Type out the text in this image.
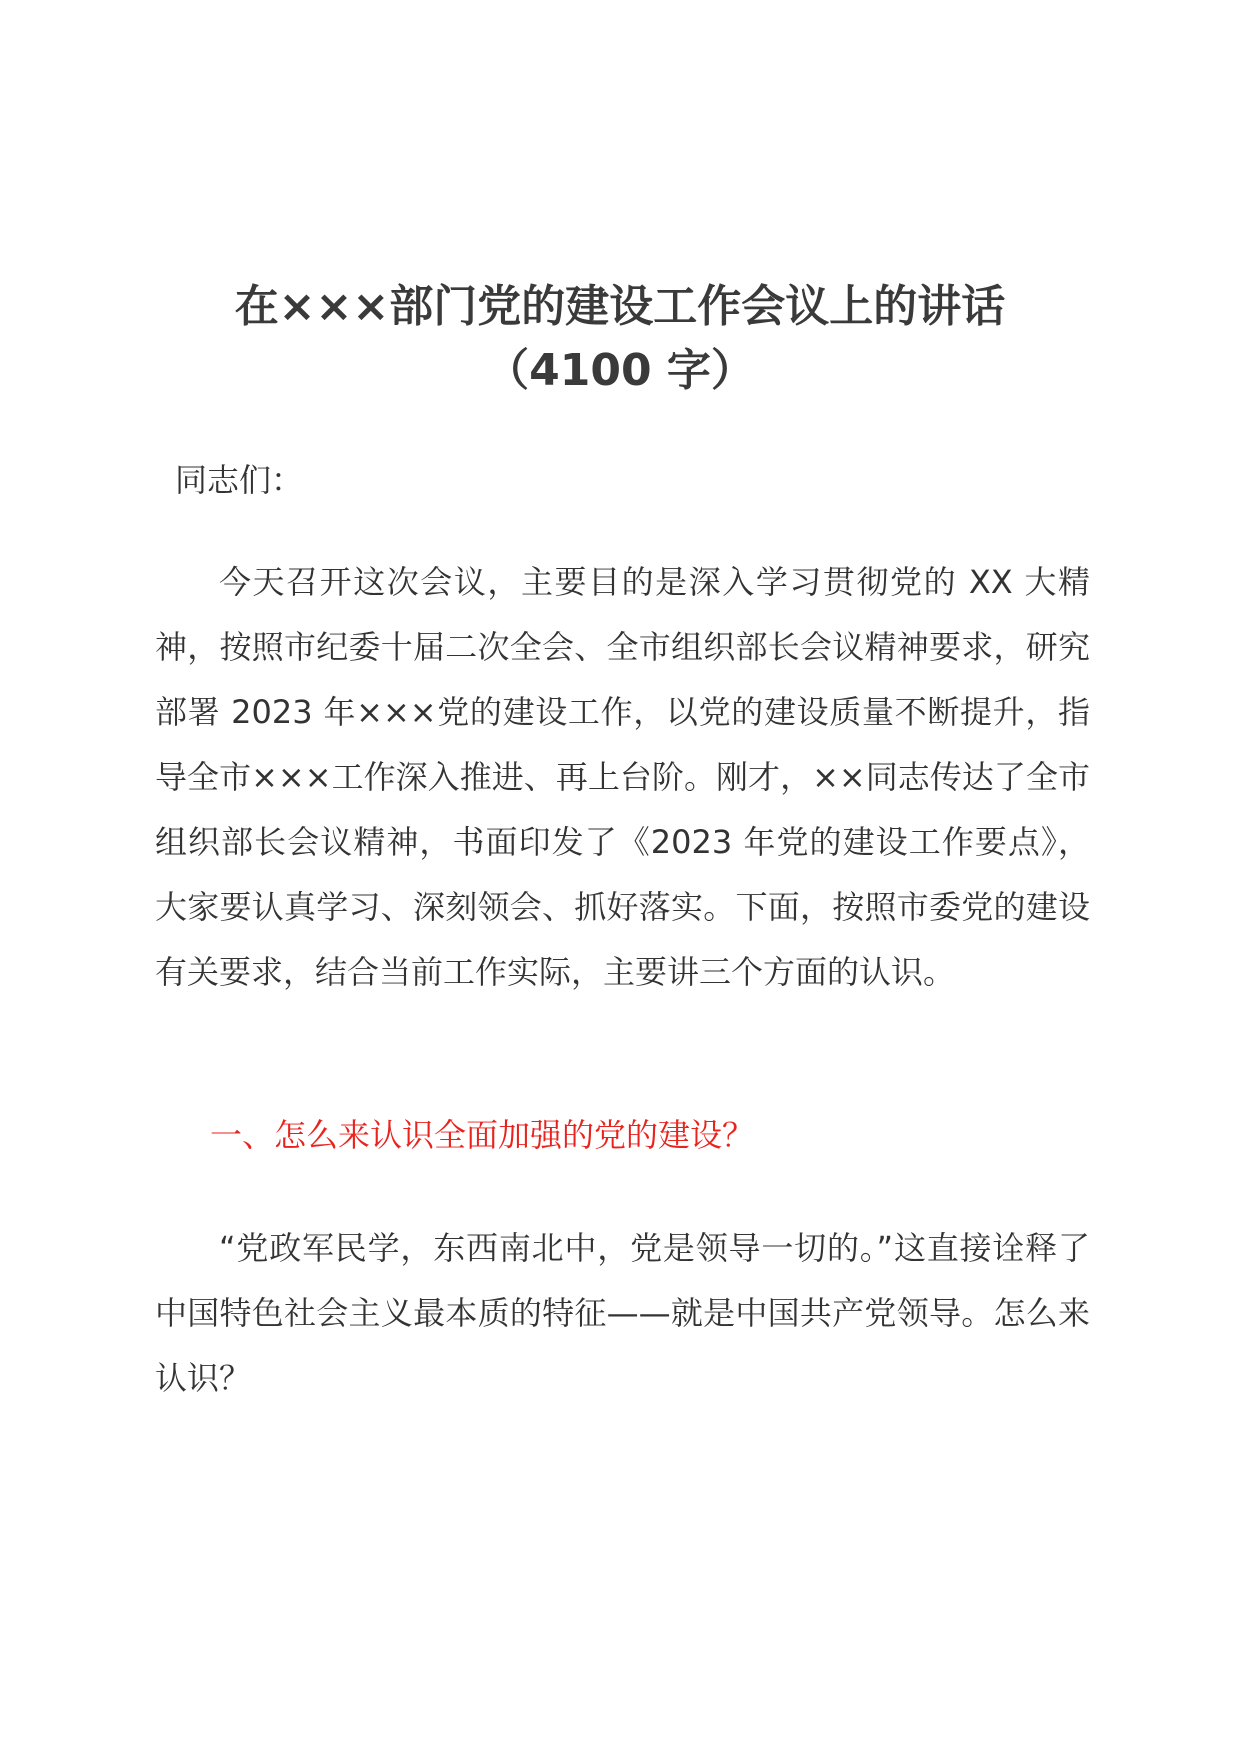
在×××部门党的建设工作会议上的讲话
（4100 字）

同志们：

今天召开这次会议，主要目的是深入学习贯彻党的 XX 大精神，按照市纪委十届二次全会、全市组织部长会议精神要求，研究部署 2023 年×××党的建设工作，以党的建设质量不断提升，指导全市×××工作深入推进、再上台阶。刚才，××同志传达了全市组织部长会议精神，书面印发了《2023 年党的建设工作要点》，大家要认真学习、深刻领会、抓好落实。下面，按照市委党的建设有关要求，结合当前工作实际，主要讲三个方面的认识。

一、怎么来认识全面加强的党的建设？

“党政军民学，东西南北中，党是领导一切的。”这直接诠释了中国特色社会主义最本质的特征——就是中国共产党领导。怎么来认识？
